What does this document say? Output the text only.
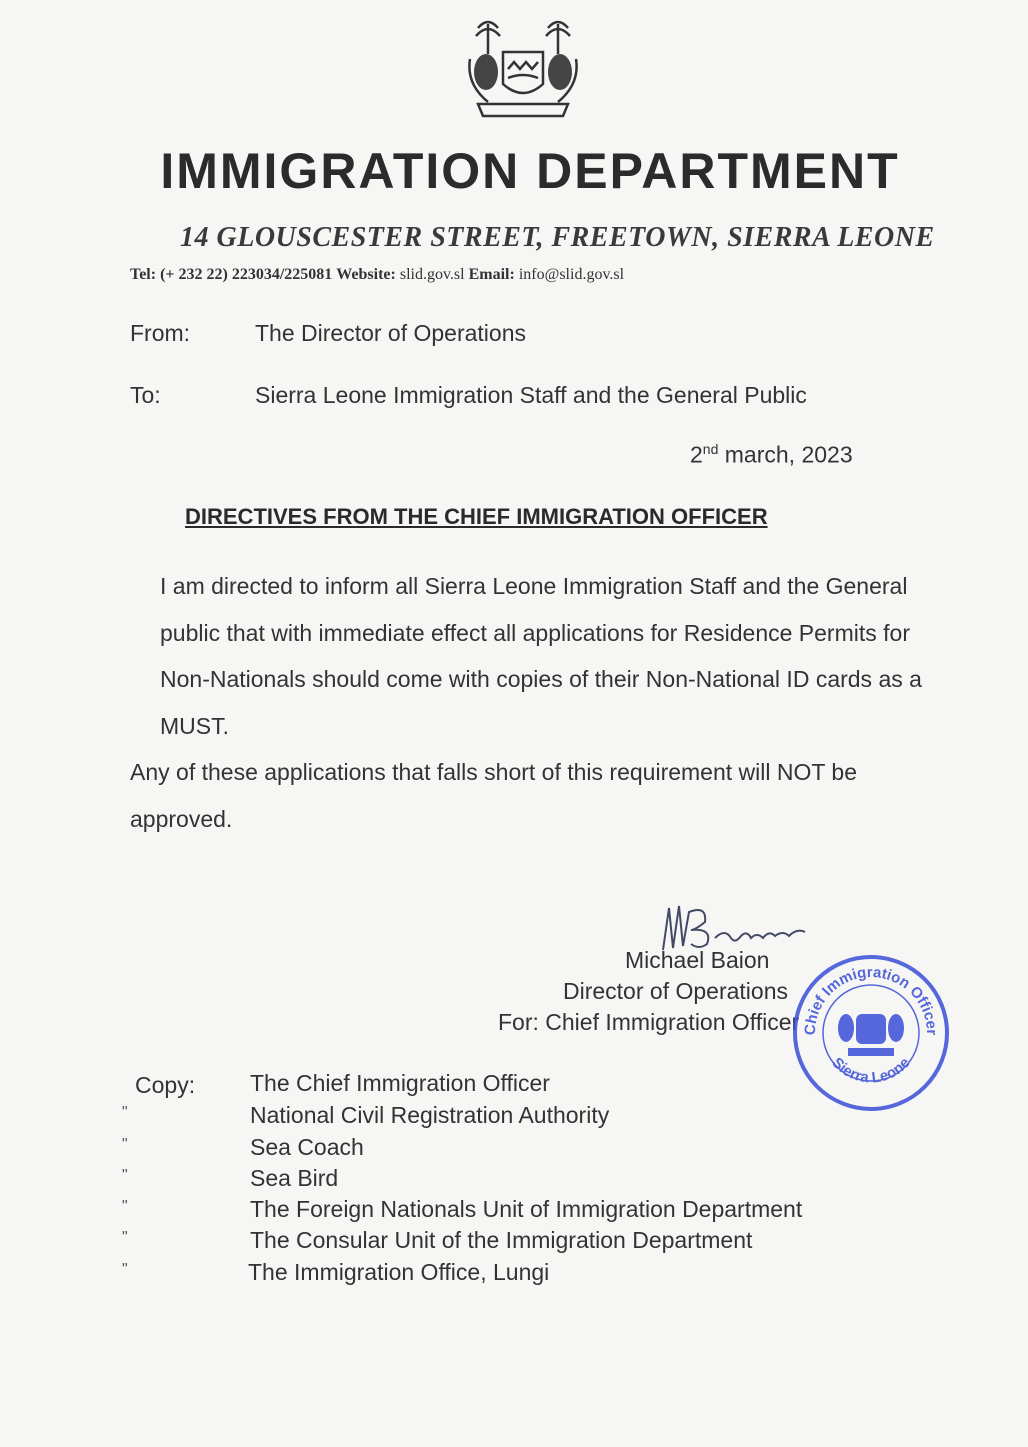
IMMIGRATION DEPARTMENT
14 GLOUSCESTER STREET, FREETOWN, SIERRA LEONE
Tel: (+ 232 22) 223034/225081 Website: slid.gov.sl Email: info@slid.gov.sl
From:	The Director of Operations
To:	Sierra Leone Immigration Staff and the General Public
2nd march, 2023
DIRECTIVES FROM THE CHIEF IMMIGRATION OFFICER

I am directed to inform all Sierra Leone Immigration Staff and the General public that with immediate effect all applications for Residence Permits for Non-Nationals should come with copies of their Non-National ID cards as a MUST.

Any of these applications that falls short of this requirement will NOT be approved.

Michael Baion
Director of Operations
For: Chief Immigration Officer Chief Immigration Officer
Sierra Leone
Copy: The Chief Immigration Officer
"	National Civil Registration Authority
"	Sea Coach
"	Sea Bird
"	The Foreign Nationals Unit of Immigration Department
"	The Consular Unit of the Immigration Department
"	The Immigration Office, Lungi
